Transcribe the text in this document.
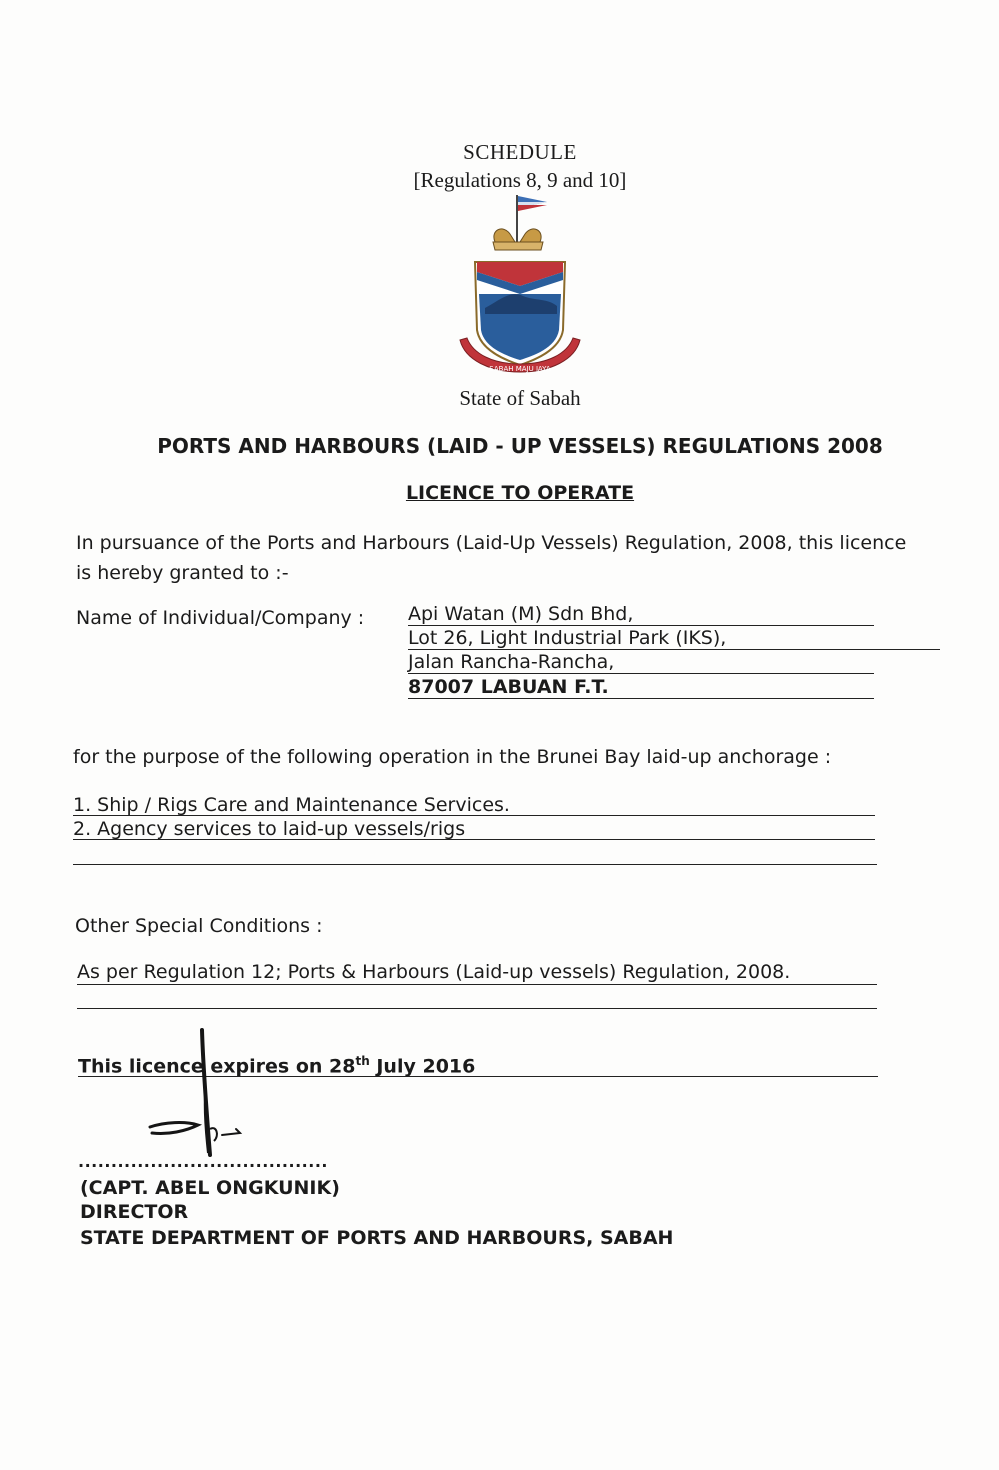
SCHEDULE
[Regulations 8, 9 and 10]
SABAH MAJU JAYA
State of Sabah
PORTS AND HARBOURS (LAID - UP VESSELS) REGULATIONS 2008
LICENCE TO OPERATE
In pursuance of the Ports and Harbours (Laid-Up Vessels) Regulation, 2008, this licence
is hereby granted to :-
Name of Individual/Company : Api Watan (M) Sdn Bhd,
Lot 26, Light Industrial Park (IKS),
Jalan Rancha-Rancha,
87007 LABUAN F.T.
for the purpose of the following operation in the Brunei Bay laid-up anchorage :
1. Ship / Rigs Care and Maintenance Services.
2. Agency services to laid-up vessels/rigs
Other Special Conditions :
As per Regulation 12; Ports & Harbours (Laid-up vessels) Regulation, 2008.
This licence expires on 28th July 2016
......................................
(CAPT. ABEL ONGKUNIK)
DIRECTOR
STATE DEPARTMENT OF PORTS AND HARBOURS, SABAH
